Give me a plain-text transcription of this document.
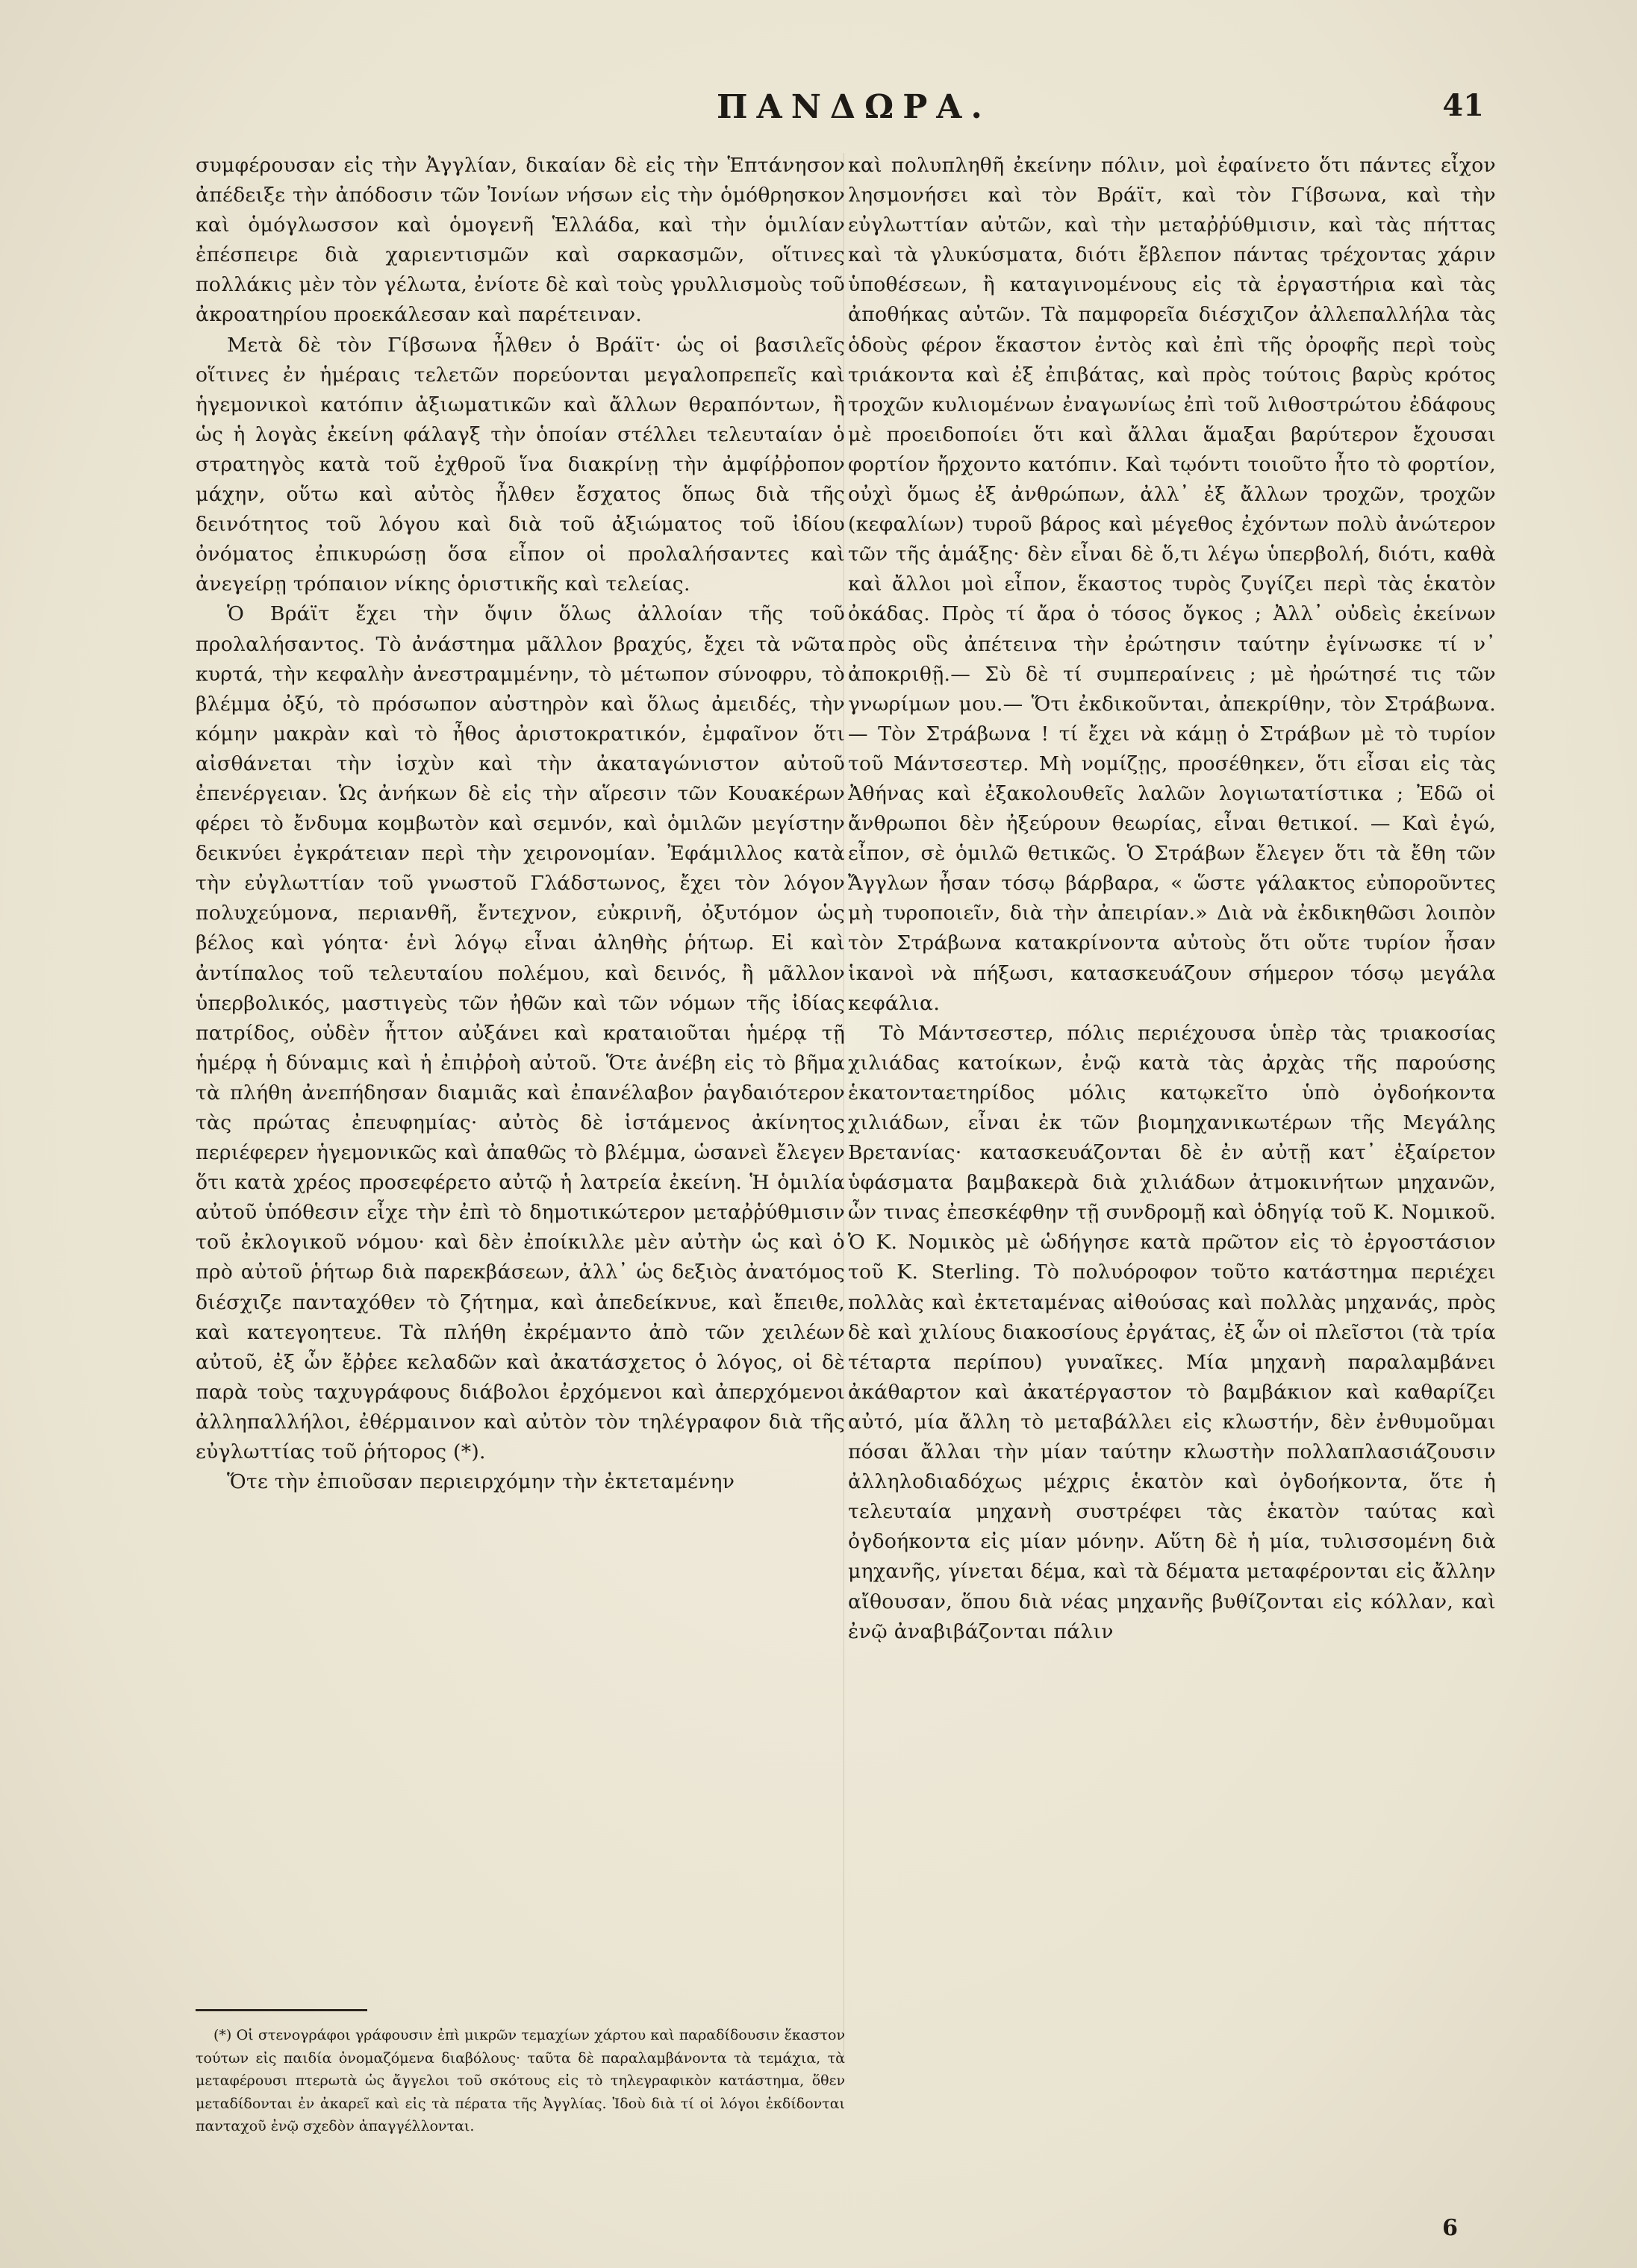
ΠΑΝΔΩΡΑ.	41

συμφέρουσαν εἰς τὴν Ἀγγλίαν, δικαίαν δὲ εἰς τὴν Ἑπτάνησον ἀπέδειξε τὴν ἀπόδοσιν τῶν Ἰονίων νήσων εἰς τὴν ὁμόθρησκον καὶ ὁμόγλωσσον καὶ ὁμογενῆ Ἑλλάδα, καὶ τὴν ὁμιλίαν ἐπέσπειρε διὰ χαριεντισμῶν καὶ σαρκασμῶν, οἵτινες πολλάκις μὲν τὸν γέλωτα, ἐνίοτε δὲ καὶ τοὺς γρυλλισμοὺς τοῦ ἀκροατηρίου προεκάλεσαν καὶ παρέτειναν.

Μετὰ δὲ τὸν Γίβσωνα ἦλθεν ὁ Βράϊτ· ὡς οἱ βασιλεῖς οἵτινες ἐν ἡμέραις τελετῶν πορεύονται μεγαλοπρεπεῖς καὶ ἡγεμονικοὶ κατόπιν ἀξιωματικῶν καὶ ἄλλων θεραπόντων, ἢ ὡς ἡ λογὰς ἐκείνη φάλαγξ τὴν ὁποίαν στέλλει τελευταίαν ὁ στρατηγὸς κατὰ τοῦ ἐχθροῦ ἵνα διακρίνῃ τὴν ἀμφίῤῥοπον μάχην, οὕτω καὶ αὐτὸς ἦλθεν ἔσχατος ὅπως διὰ τῆς δεινότητος τοῦ λόγου καὶ διὰ τοῦ ἀξιώματος τοῦ ἰδίου ὀνόματος ἐπικυρώσῃ ὅσα εἶπον οἱ προλαλήσαντες καὶ ἀνεγείρῃ τρόπαιον νίκης ὁριστικῆς καὶ τελείας.

Ὁ Βράϊτ ἔχει τὴν ὄψιν ὅλως ἀλλοίαν τῆς τοῦ προλαλήσαντος. Τὸ ἀνάστημα μᾶλλον βραχύς, ἔχει τὰ νῶτα κυρτά, τὴν κεφαλὴν ἀνεστραμμένην, τὸ μέτωπον σύνοφρυ, τὸ βλέμμα ὀξύ, τὸ πρόσωπον αὐστηρὸν καὶ ὅλως ἀμειδές, τὴν κόμην μακρὰν καὶ τὸ ἦθος ἀριστοκρατικόν, ἐμφαῖνον ὅτι αἰσθάνεται τὴν ἰσχὺν καὶ τὴν ἀκαταγώνιστον αὐτοῦ ἐπενέργειαν. Ὡς ἀνήκων δὲ εἰς τὴν αἵρεσιν τῶν Κουακέρων φέρει τὸ ἔνδυμα κομβωτὸν καὶ σεμνόν, καὶ ὁμιλῶν μεγίστην δεικνύει ἐγκράτειαν περὶ τὴν χειρονομίαν. Ἐφάμιλλος κατὰ τὴν εὐγλωττίαν τοῦ γνωστοῦ Γλάδστωνος, ἔχει τὸν λόγον πολυχεύμονα, περιανθῆ, ἔντεχνον, εὐκρινῆ, ὀξυτόμον ὡς βέλος καὶ γόητα· ἑνὶ λόγῳ εἶναι ἀληθὴς ῥήτωρ. Εἰ καὶ ἀντίπαλος τοῦ τελευταίου πολέμου, καὶ δεινός, ἢ μᾶλλον ὑπερβολικός, μαστιγεὺς τῶν ἠθῶν καὶ τῶν νόμων τῆς ἰδίας πατρίδος, οὐδὲν ἧττον αὐξάνει καὶ κραταιοῦται ἡμέρᾳ τῇ ἡμέρᾳ ἡ δύναμις καὶ ἡ ἐπιῤῥοὴ αὐτοῦ. Ὅτε ἀνέβη εἰς τὸ βῆμα τὰ πλήθη ἀνεπήδησαν διαμιᾶς καὶ ἐπανέλαβον ῥαγδαιότερον τὰς πρώτας ἐπευφημίας· αὐτὸς δὲ ἱστάμενος ἀκίνητος περιέφερεν ἡγεμονικῶς καὶ ἀπαθῶς τὸ βλέμμα, ὡσανεὶ ἔλεγεν ὅτι κατὰ χρέος προσεφέρετο αὐτῷ ἡ λατρεία ἐκείνη. Ἡ ὁμιλία αὐτοῦ ὑπόθεσιν εἶχε τὴν ἐπὶ τὸ δημοτικώτερον μεταῤῥύθμισιν τοῦ ἐκλογικοῦ νόμου· καὶ δὲν ἐποίκιλλε μὲν αὐτὴν ὡς καὶ ὁ πρὸ αὐτοῦ ῥήτωρ διὰ παρεκβάσεων, ἀλλ᾽ ὡς δεξιὸς ἀνατόμος διέσχιζε πανταχόθεν τὸ ζήτημα, καὶ ἀπεδείκνυε, καὶ ἔπειθε, καὶ κατεγοητευε. Τὰ πλήθη ἐκρέμαντο ἀπὸ τῶν χειλέων αὐτοῦ, ἐξ ὧν ἔῤῥεε κελαδῶν καὶ ἀκατάσχετος ὁ λόγος, οἱ δὲ παρὰ τοὺς ταχυγράφους διάβολοι ἐρχόμενοι καὶ ἀπερχόμενοι ἀλληπαλλήλοι, ἐθέρμαινον καὶ αὐτὸν τὸν τηλέγραφον διὰ τῆς εὐγλωττίας τοῦ ῥήτορος (*).

Ὅτε τὴν ἐπιοῦσαν περιειρχόμην τὴν ἐκτεταμένην

καὶ πολυπληθῆ ἐκείνην πόλιν, μοὶ ἐφαίνετο ὅτι πάντες εἶχον λησμονήσει καὶ τὸν Βράϊτ, καὶ τὸν Γίβσωνα, καὶ τὴν εὐγλωττίαν αὐτῶν, καὶ τὴν μεταῤῥύθμισιν, καὶ τὰς πήττας καὶ τὰ γλυκύσματα, διότι ἔβλεπον πάντας τρέχοντας χάριν ὑποθέσεων, ἢ καταγινομένους εἰς τὰ ἐργαστήρια καὶ τὰς ἀποθήκας αὐτῶν. Τὰ παμφορεῖα διέσχιζον ἀλλεπαλλήλα τὰς ὁδοὺς φέρον ἕκαστον ἐντὸς καὶ ἐπὶ τῆς ὀροφῆς περὶ τοὺς τριάκοντα καὶ ἐξ ἐπιβάτας, καὶ πρὸς τούτοις βαρὺς κρότος τροχῶν κυλιομένων ἐναγωνίως ἐπὶ τοῦ λιθοστρώτου ἐδάφους μὲ προειδοποίει ὅτι καὶ ἄλλαι ἅμαξαι βαρύτερον ἔχουσαι φορτίον ἤρχοντο κατόπιν. Καὶ τῳόντι τοιοῦτο ἦτο τὸ φορτίον, οὐχὶ ὅμως ἐξ ἀνθρώπων, ἀλλ᾽ ἐξ ἄλλων τροχῶν, τροχῶν (κεφαλίων) τυροῦ βάρος καὶ μέγεθος ἐχόντων πολὺ ἀνώτερον τῶν τῆς ἁμάξης· δὲν εἶναι δὲ ὅ,τι λέγω ὑπερβολή, διότι, καθὰ καὶ ἄλλοι μοὶ εἶπον, ἕκαστος τυρὸς ζυγίζει περὶ τὰς ἑκατὸν ὀκάδας. Πρὸς τί ἄρα ὁ τόσος ὄγκος ; Ἀλλ᾽ οὐδεὶς ἐκείνων πρὸς οὓς ἀπέτεινα τὴν ἐρώτησιν ταύτην ἐγίνωσκε τί ν᾽ ἀποκριθῇ.— Σὺ δὲ τί συμπεραίνεις ; μὲ ἠρώτησέ τις τῶν γνωρίμων μου.— Ὅτι ἐκδικοῦνται, ἀπεκρίθην, τὸν Στράβωνα. — Τὸν Στράβωνα ! τί ἔχει νὰ κάμῃ ὁ Στράβων μὲ τὸ τυρίον τοῦ Μάντσεστερ. Μὴ νομίζῃς, προσέθηκεν, ὅτι εἶσαι εἰς τὰς Ἀθήνας καὶ ἐξακολουθεῖς λαλῶν λογιωτατίστικα ; Ἐδῶ οἱ ἄνθρωποι δὲν ἠξεύρουν θεωρίας, εἶναι θετικοί. — Καὶ ἐγώ, εἶπον, σὲ ὁμιλῶ θετικῶς. Ὁ Στράβων ἔλεγεν ὅτι τὰ ἔθη τῶν Ἄγγλων ἦσαν τόσῳ βάρβαρα, « ὥστε γάλακτος εὐποροῦντες μὴ τυροποιεῖν, διὰ τὴν ἀπειρίαν.» Διὰ νὰ ἐκδικηθῶσι λοιπὸν τὸν Στράβωνα κατακρίνοντα αὐτοὺς ὅτι οὔτε τυρίον ἦσαν ἱκανοὶ νὰ πήξωσι, κατασκευάζουν σήμερον τόσῳ μεγάλα κεφάλια.

Τὸ Μάντσεστερ, πόλις περιέχουσα ὑπὲρ τὰς τριακοσίας χιλιάδας κατοίκων, ἐνῷ κατὰ τὰς ἀρχὰς τῆς παρούσης ἑκατονταετηρίδος μόλις κατῳκεῖτο ὑπὸ ὀγδοήκοντα χιλιάδων, εἶναι ἐκ τῶν βιομηχανικωτέρων τῆς Μεγάλης Βρετανίας· κατασκευάζονται δὲ ἐν αὐτῇ κατ᾽ ἐξαίρετον ὑφάσματα βαμβακερὰ διὰ χιλιάδων ἀτμοκινήτων μηχανῶν, ὧν τινας ἐπεσκέφθην τῇ συνδρομῇ καὶ ὁδηγίᾳ τοῦ Κ. Νομικοῦ. Ὁ Κ. Νομικὸς μὲ ὡδήγησε κατὰ πρῶτον εἰς τὸ ἐργοστάσιον τοῦ Κ. Sterling. Τὸ πολυόροφον τοῦτο κατάστημα περιέχει πολλὰς καὶ ἐκτεταμένας αἰθούσας καὶ πολλὰς μηχανάς, πρὸς δὲ καὶ χιλίους διακοσίους ἐργάτας, ἐξ ὧν οἱ πλεῖστοι (τὰ τρία τέταρτα περίπου) γυναῖκες. Μία μηχανὴ παραλαμβάνει ἀκάθαρτον καὶ ἀκατέργαστον τὸ βαμβάκιον καὶ καθαρίζει αὐτό, μία ἄλλη τὸ μεταβάλλει εἰς κλωστήν, δὲν ἐνθυμοῦμαι πόσαι ἄλλαι τὴν μίαν ταύτην κλωστὴν πολλαπλασιάζουσιν ἀλληλοδιαδόχως μέχρις ἑκατὸν καὶ ὀγδοήκοντα, ὅτε ἡ τελευταία μηχανὴ συστρέφει τὰς ἑκατὸν ταύτας καὶ ὀγδοήκοντα εἰς μίαν μόνην. Αὕτη δὲ ἡ μία, τυλισσομένη διὰ μηχανῆς, γίνεται δέμα, καὶ τὰ δέματα μεταφέρονται εἰς ἄλλην αἴθουσαν, ὅπου διὰ νέας μηχανῆς βυθίζονται εἰς κόλλαν, καὶ ἐνῷ ἀναβιβάζονται πάλιν

(*) Οἱ στενογράφοι γράφουσιν ἐπὶ μικρῶν τεμαχίων χάρτου καὶ παραδίδουσιν ἕκαστον τούτων εἰς παιδία ὀνομαζόμενα διαβόλους· ταῦτα δὲ παραλαμβάνοντα τὰ τεμάχια, τὰ μεταφέρουσι πτερωτὰ ὡς ἄγγελοι τοῦ σκότους εἰς τὸ τηλεγραφικὸν κατάστημα, ὅθεν μεταδίδονται ἐν ἀκαρεῖ καὶ εἰς τὰ πέρατα τῆς Ἀγγλίας. Ἰδοὺ διὰ τί οἱ λόγοι ἐκδίδονται πανταχοῦ ἐνῷ σχεδὸν ἀπαγγέλλονται.

6
